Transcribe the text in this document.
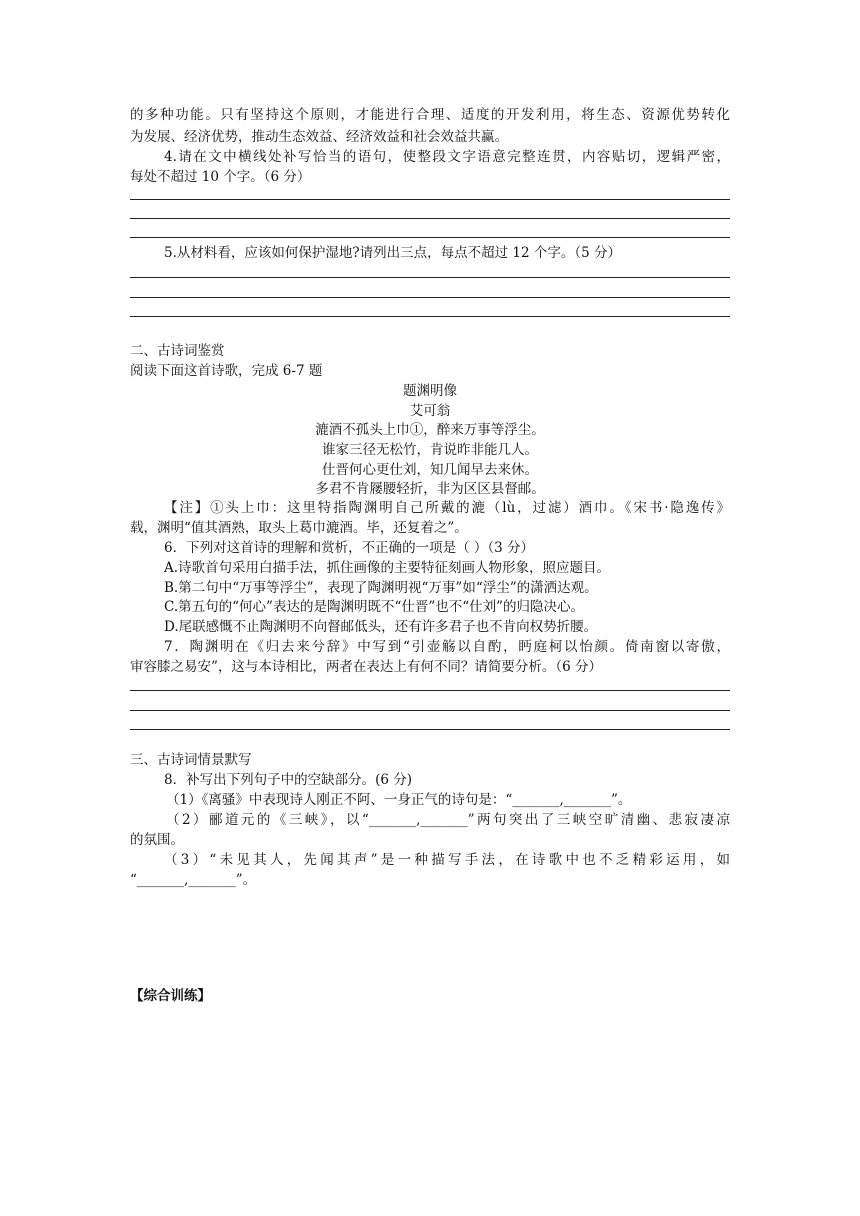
的多种功能。只有坚持这个原则，才能进行合理、适度的开发利用，将生态、资源优势转化
为发展、经济优势，推动生态效益、经济效益和社会效益共赢。
4.请在文中横线处补写恰当的语句，使整段文字语意完整连贯，内容贴切，逻辑严密，
每处不超过 10 个字。（6 分）
5.从材料看，应该如何保护湿地?请列出三点，每点不超过 12 个字。（5 分）
二、古诗词鉴赏
阅读下面这首诗歌，完成 6-7 题
题渊明像
艾可翁
漉酒不孤头上巾①，醉来万事等浮尘。
谁家三径无松竹，肯说昨非能几人。
仕晋何心更仕刘，知几闻早去来休。
多君不肯屦腰轻折，非为区区县督邮。
【注】①头上巾：这里特指陶渊明自己所戴的漉（lù，过滤）酒巾。《宋书·隐逸传》
载，渊明“值其酒熟，取头上葛巾漉酒。毕，还复着之”。
6．下列对这首诗的理解和赏析，不正确的一项是（ ）（3 分）
A.诗歌首句采用白描手法，抓住画像的主要特征刻画人物形象，照应题目。
B.第二句中“万事等浮尘”，表现了陶渊明视“万事”如“浮尘”的潇洒达观。
C.第五句的“何心”表达的是陶渊明既不“仕晋”也不“仕刘”的归隐决心。
D.尾联感慨不止陶渊明不向督邮低头，还有许多君子也不肯向权势折腰。
7．陶渊明在《归去来兮辞》中写到“引壶觞以自酌，眄庭柯以怡颜。倚南窗以寄傲，
审容膝之易安”，这与本诗相比，两者在表达上有何不同？请简要分析。（6 分）
三、古诗词情景默写
8．补写出下列句子中的空缺部分。(6 分)
（1）《离骚》中表现诗人刚正不阿、一身正气的诗句是：“_______,_______”。
（2）郦道元的《三峡》，以“_______,_______”两句突出了三峡空旷清幽、悲寂凄凉
的氛围。
（3）“未见其人，先闻其声”是一种描写手法，在诗歌中也不乏精彩运用，如
“_______,_______”。
【综合训练】
